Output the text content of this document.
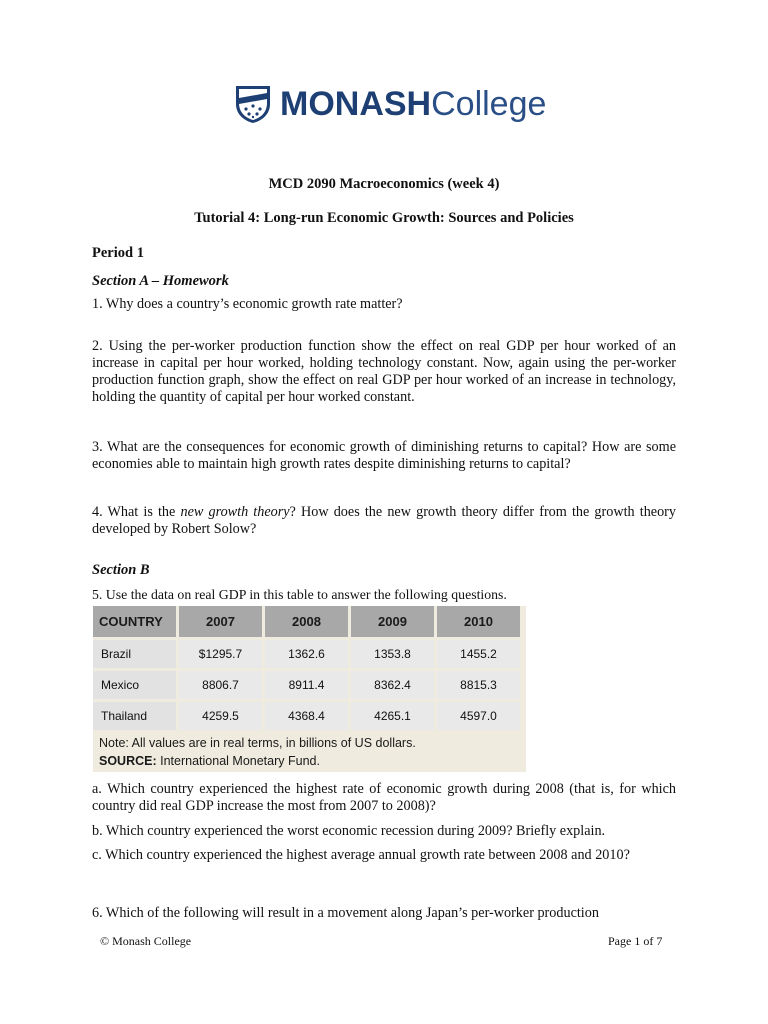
MONASHCollege
MCD 2090 Macroeconomics (week 4)
Tutorial 4: Long-run Economic Growth: Sources and Policies
Period 1
Section A – Homework
1. Why does a country’s economic growth rate matter?
2. Using the per-worker production function show the effect on real GDP per hour worked of an increase in capital per hour worked, holding technology constant. Now, again using the per-worker production function graph, show the effect on real GDP per hour worked of an increase in technology, holding the quantity of capital per hour worked constant.
3. What are the consequences for economic growth of diminishing returns to capital? How are some economies able to maintain high growth rates despite diminishing returns to capital?
4. What is the new growth theory? How does the new growth theory differ from the growth theory developed by Robert Solow?
Section B
5. Use the data on real GDP in this table to answer the following questions.
COUNTRY	2007	2008	2009	2010
Brazil	$1295.7	1362.6	1353.8	1455.2
Mexico	8806.7	8911.4	8362.4	8815.3
Thailand	4259.5	4368.4	4265.1	4597.0
Note: All values are in real terms, in billions of US dollars.
SOURCE: International Monetary Fund.
a. Which country experienced the highest rate of economic growth during 2008 (that is, for which country did real GDP increase the most from 2007 to 2008)?
b. Which country experienced the worst economic recession during 2009? Briefly explain.
c. Which country experienced the highest average annual growth rate between 2008 and 2010?
6. Which of the following will result in a movement along Japan’s per-worker production
© Monash College	Page 1 of 7
